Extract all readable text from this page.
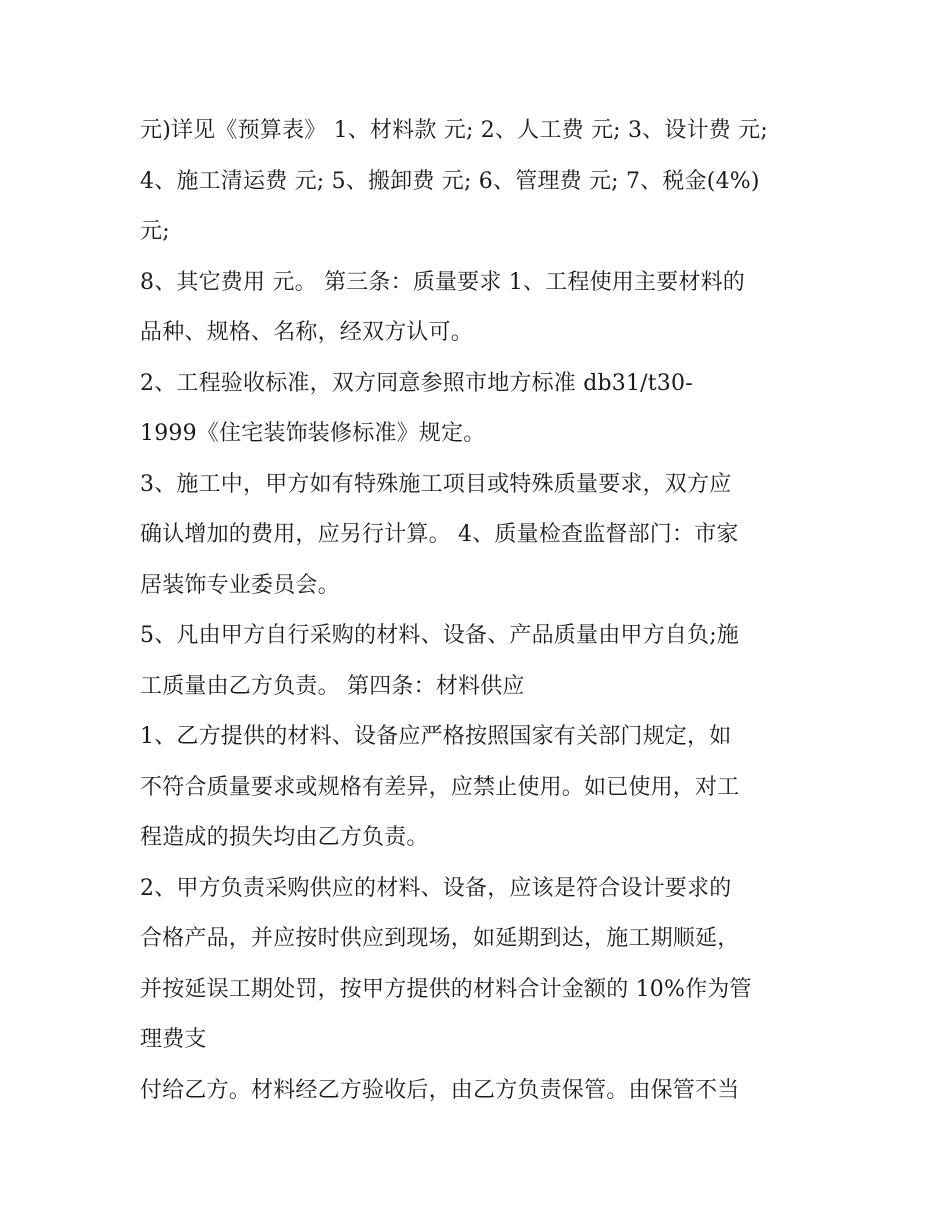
元)详见《预算表》 1、材料款 元; 2、人工费 元; 3、设计费 元;
4、施工清运费 元; 5、搬卸费 元; 6、管理费 元; 7、税金(4%)
元;
8、其它费用 元。 第三条：质量要求 1、工程使用主要材料的
品种、规格、名称，经双方认可。
2、工程验收标准，双方同意参照市地方标准 db31/t30-
1999《住宅装饰装修标准》规定。
3、施工中，甲方如有特殊施工项目或特殊质量要求，双方应
确认增加的费用，应另行计算。 4、质量检查监督部门：市家
居装饰专业委员会。
5、凡由甲方自行采购的材料、设备、产品质量由甲方自负;施
工质量由乙方负责。 第四条：材料供应
1、乙方提供的材料、设备应严格按照国家有关部门规定，如
不符合质量要求或规格有差异，应禁止使用。如已使用，对工
程造成的损失均由乙方负责。
2、甲方负责采购供应的材料、设备，应该是符合设计要求的
合格产品，并应按时供应到现场，如延期到达，施工期顺延，
并按延误工期处罚，按甲方提供的材料合计金额的 10%作为管
理费支
付给乙方。材料经乙方验收后，由乙方负责保管。由保管不当
